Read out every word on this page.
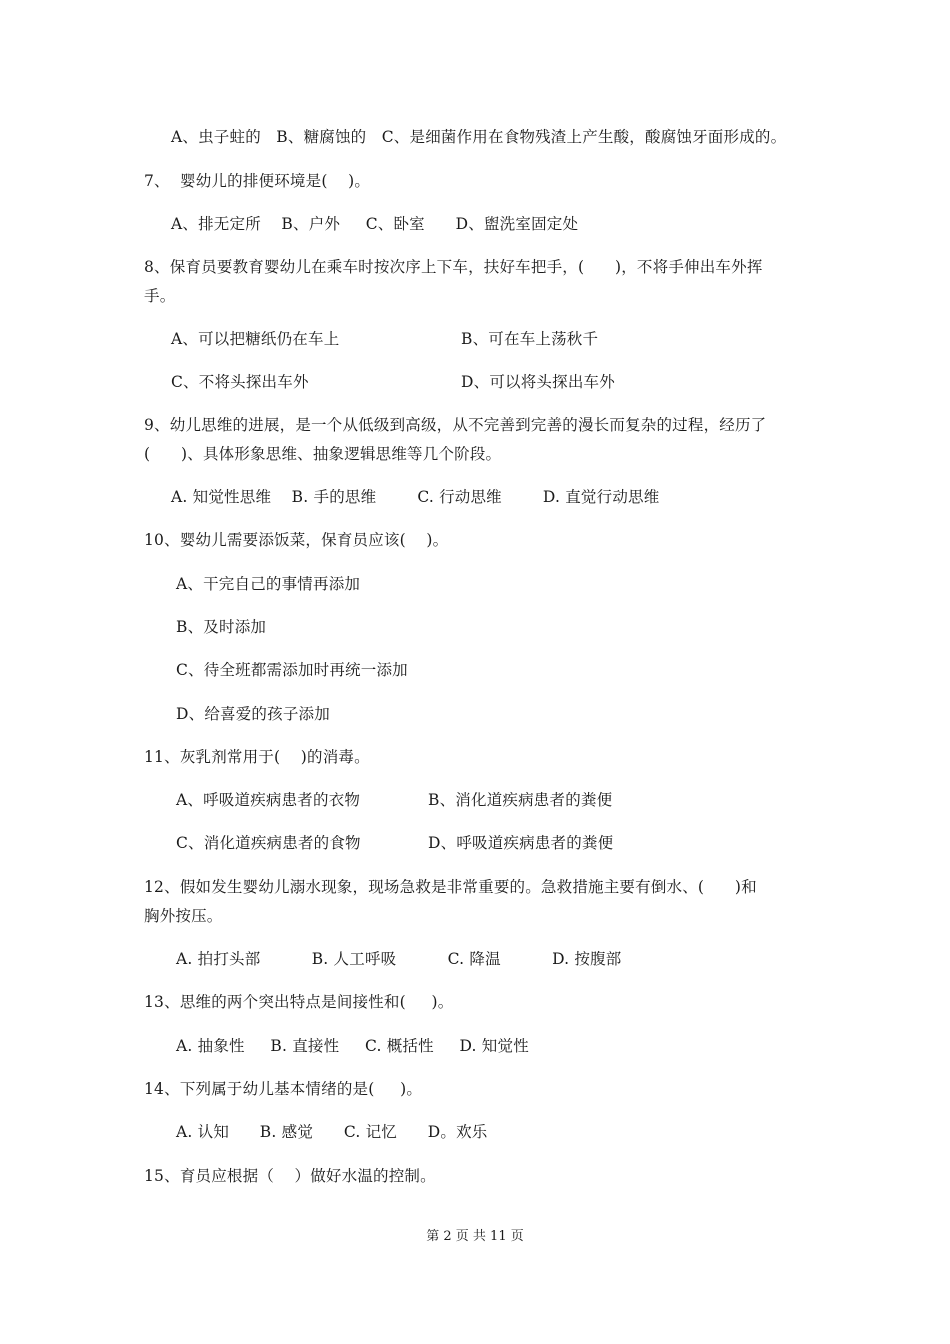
A、虫子蛀的   B、糖腐蚀的   C、是细菌作用在食物残渣上产生酸，酸腐蚀牙面形成的。
7、  婴幼儿的排便环境是(    )。
A、排无定所    B、户外     C、卧室      D、盥洗室固定处
8、保育员要教育婴幼儿在乘车时按次序上下车，扶好车把手，(      )，不将手伸出车外挥
手。
A、可以把糖纸仍在车上	B、可在车上荡秋千
C、不将头探出车外	D、可以将头探出车外
9、幼儿思维的进展，是一个从低级到高级，从不完善到完善的漫长而复杂的过程，经历了
(      )、具体形象思维、抽象逻辑思维等几个阶段。
A. 知觉性思维    B. 手的思维        C. 行动思维        D. 直觉行动思维
10、婴幼儿需要添饭菜，保育员应该(    )。
A、干完自己的事情再添加
B、及时添加
C、待全班都需添加时再统一添加
D、给喜爱的孩子添加
11、灰乳剂常用于(    )的消毒。
A、呼吸道疾病患者的衣物	B、消化道疾病患者的粪便
C、消化道疾病患者的食物	D、呼吸道疾病患者的粪便
12、假如发生婴幼儿溺水现象，现场急救是非常重要的。急救措施主要有倒水、(      )和
胸外按压。
A. 拍打头部          B. 人工呼吸          C. 降温          D. 按腹部
13、思维的两个突出特点是间接性和(     )。
A. 抽象性     B. 直接性     C. 概括性     D. 知觉性
14、下列属于幼儿基本情绪的是(     )。
A. 认知      B. 感觉      C. 记忆      D。欢乐
15、育员应根据（    ）做好水温的控制。
第 2 页 共 11 页
